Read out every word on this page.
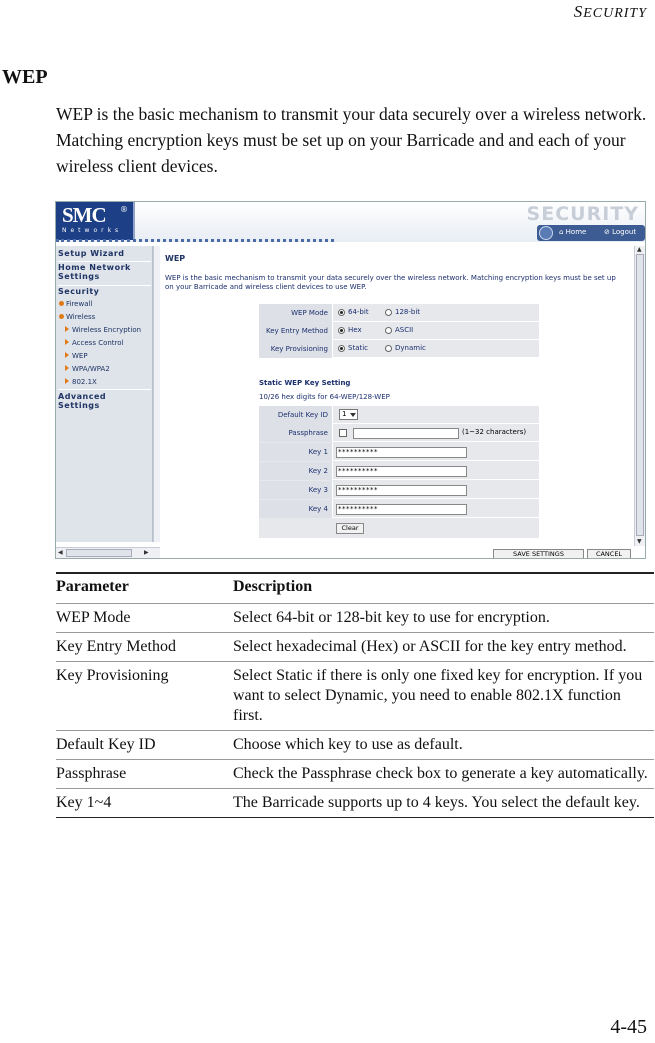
SECURITY
WEP
WEP is the basic mechanism to transmit your data securely over a wireless network. Matching encryption keys must be set up on your Barricade and and each of your wireless client devices.
SMC ®
Networks
SECURITY
⌂ Home	⊘ Logout
Setup Wizard
Home Network Settings
Security
Firewall
Wireless
Wireless Encryption
Access Control
WEP
WPA/WPA2
802.1X
Advanced Settings
◀	▶
WEP
WEP is the basic mechanism to transmit your data securely over the wireless network. Matching encryption keys must be set up on your Barricade and wireless client devices to use WEP.
WEP Mode	64-bit	128-bit
Key Entry Method	Hex	ASCII
Key Provisioning	Static	Dynamic
Static WEP Key Setting
10/26 hex digits for 64-WEP/128-WEP
Default Key ID	1
Passphrase	(1~32 characters)
Key 1	**********
Key 2	**********
Key 3	**********
Key 4	**********
Clear
SAVE SETTINGS	CANCEL
▲
▼
Parameter	Description
WEP Mode	Select 64-bit or 128-bit key to use for encryption.
Key Entry Method	Select hexadecimal (Hex) or ASCII for the key entry method.
Key Provisioning	Select Static if there is only one fixed key for encryption. If you want to select Dynamic, you need to enable 802.1X function first.
Default Key ID	Choose which key to use as default.
Passphrase	Check the Passphrase check box to generate a key automatically.
Key 1~4	The Barricade supports up to 4 keys. You select the default key.
4-45
